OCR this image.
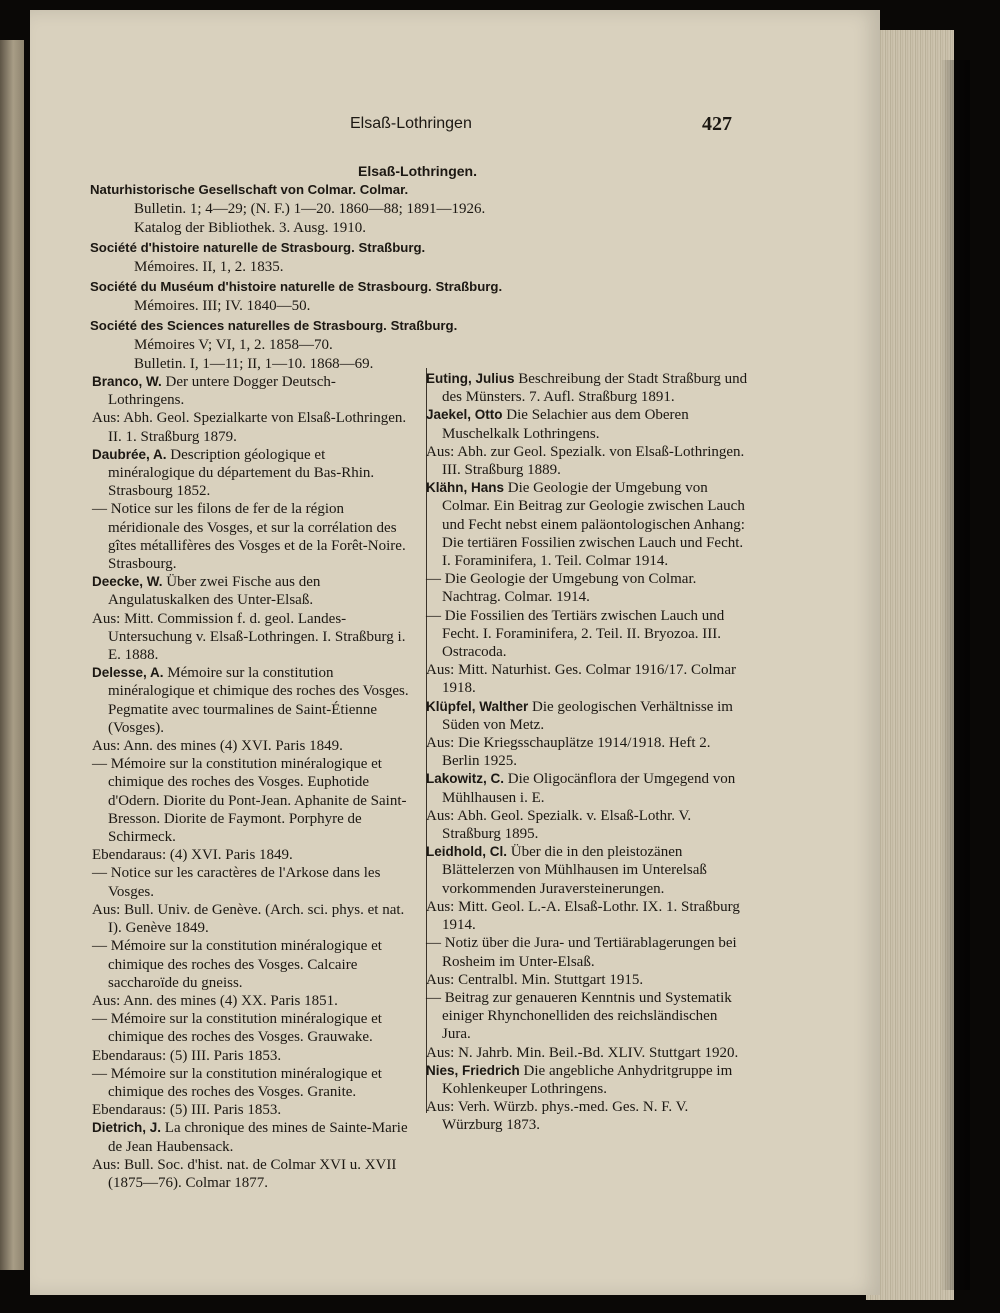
Elsaß-Lothringen	427
Elsaß-Lothringen.
Naturhistorische Gesellschaft von Colmar. Colmar.
Bulletin. 1; 4—29; (N. F.) 1—20. 1860—88; 1891—1926.
Katalog der Bibliothek. 3. Ausg. 1910.
Société d'histoire naturelle de Strasbourg. Straßburg.
Mémoires. II, 1, 2. 1835.
Société du Muséum d'histoire naturelle de Strasbourg. Straßburg.
Mémoires. III; IV. 1840—50.
Société des Sciences naturelles de Strasbourg. Straßburg.
Mémoires V; VI, 1, 2. 1858—70.
Bulletin. I, 1—11; II, 1—10. 1868—69.
Branco, W. Der untere Dogger Deutsch-Lothringens.
Aus: Abh. Geol. Spezialkarte von Elsaß-Lothringen. II. 1. Straßburg 1879.
Daubrée, A. Description géologique et minéralogique du département du Bas-Rhin. Strasbourg 1852.
— Notice sur les filons de fer de la région méridionale des Vosges, et sur la corrélation des gîtes métallifères des Vosges et de la Forêt-Noire. Strasbourg.
Deecke, W. Über zwei Fische aus den Angulatuskalken des Unter-Elsaß.
Aus: Mitt. Commission f. d. geol. Landes-Untersuchung v. Elsaß-Lothringen. I. Straßburg i. E. 1888.
Delesse, A. Mémoire sur la constitution minéralogique et chimique des roches des Vosges. Pegmatite avec tourmalines de Saint-Étienne (Vosges).
Aus: Ann. des mines (4) XVI. Paris 1849.
— Mémoire sur la constitution minéralogique et chimique des roches des Vosges. Euphotide d'Odern. Diorite du Pont-Jean. Aphanite de Saint-Bresson. Diorite de Faymont. Porphyre de Schirmeck.
Ebendaraus: (4) XVI. Paris 1849.
— Notice sur les caractères de l'Arkose dans les Vosges.
Aus: Bull. Univ. de Genève. (Arch. sci. phys. et nat. I). Genève 1849.
— Mémoire sur la constitution minéralogique et chimique des roches des Vosges. Calcaire saccharoïde du gneiss.
Aus: Ann. des mines (4) XX. Paris 1851.
— Mémoire sur la constitution minéralogique et chimique des roches des Vosges. Grauwake.
Ebendaraus: (5) III. Paris 1853.
— Mémoire sur la constitution minéralogique et chimique des roches des Vosges. Granite.
Ebendaraus: (5) III. Paris 1853.
Dietrich, J. La chronique des mines de Sainte-Marie de Jean Haubensack.
Aus: Bull. Soc. d'hist. nat. de Colmar XVI u. XVII (1875—76). Colmar 1877.
Euting, Julius Beschreibung der Stadt Straßburg und des Münsters. 7. Aufl. Straßburg 1891.
Jaekel, Otto Die Selachier aus dem Oberen Muschelkalk Lothringens.
Aus: Abh. zur Geol. Spezialk. von Elsaß-Lothringen. III. Straßburg 1889.
Klähn, Hans Die Geologie der Umgebung von Colmar. Ein Beitrag zur Geologie zwischen Lauch und Fecht nebst einem paläontologischen Anhang: Die tertiären Fossilien zwischen Lauch und Fecht. I. Foraminifera, 1. Teil. Colmar 1914.
— Die Geologie der Umgebung von Colmar. Nachtrag. Colmar. 1914.
— Die Fossilien des Tertiärs zwischen Lauch und Fecht. I. Foraminifera, 2. Teil. II. Bryozoa. III. Ostracoda.
Aus: Mitt. Naturhist. Ges. Colmar 1916/17. Colmar 1918.
Klüpfel, Walther Die geologischen Verhältnisse im Süden von Metz.
Aus: Die Kriegsschauplätze 1914/1918. Heft 2. Berlin 1925.
Lakowitz, C. Die Oligocänflora der Umgegend von Mühlhausen i. E.
Aus: Abh. Geol. Spezialk. v. Elsaß-Lothr. V. Straßburg 1895.
Leidhold, Cl. Über die in den pleistozänen Blättelerzen von Mühlhausen im Unterelsaß vorkommenden Juraversteinerungen.
Aus: Mitt. Geol. L.-A. Elsaß-Lothr. IX. 1. Straßburg 1914.
— Notiz über die Jura- und Tertiärablagerungen bei Rosheim im Unter-Elsaß.
Aus: Centralbl. Min. Stuttgart 1915.
— Beitrag zur genaueren Kenntnis und Systematik einiger Rhynchonelliden des reichsländischen Jura.
Aus: N. Jahrb. Min. Beil.-Bd. XLIV. Stuttgart 1920.
Nies, Friedrich Die angebliche Anhydritgruppe im Kohlenkeuper Lothringens.
Aus: Verh. Würzb. phys.-med. Ges. N. F. V. Würzburg 1873.
